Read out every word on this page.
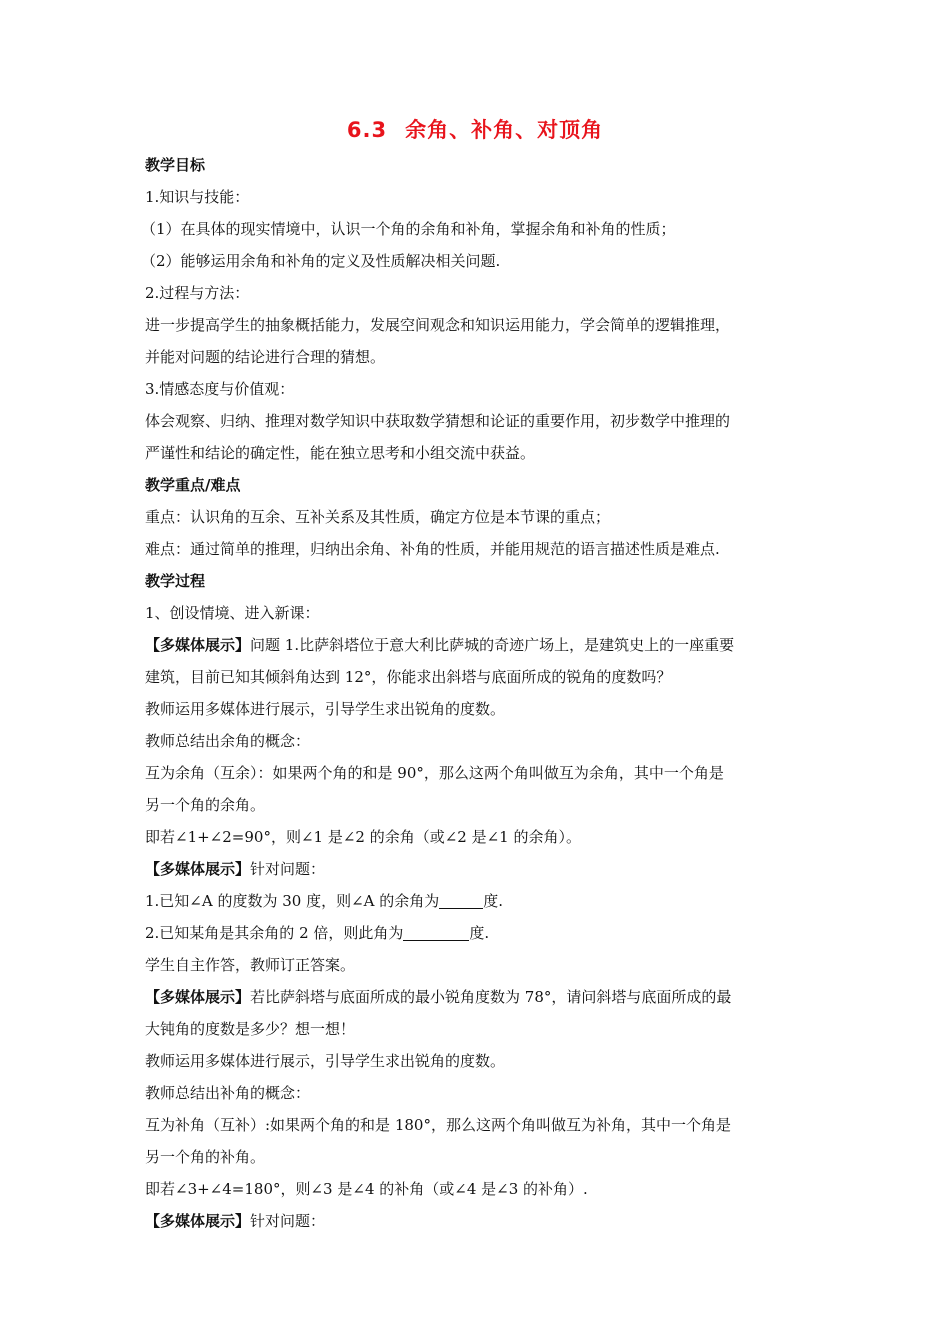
6.3 余角、补角、对顶角
教学目标
1.知识与技能：
（1）在具体的现实情境中，认识一个角的余角和补角，掌握余角和补角的性质；
（2）能够运用余角和补角的定义及性质解决相关问题.
2.过程与方法：
进一步提高学生的抽象概括能力，发展空间观念和知识运用能力，学会简单的逻辑推理，
并能对问题的结论进行合理的猜想。
3.情感态度与价值观：
体会观察、归纳、推理对数学知识中获取数学猜想和论证的重要作用，初步数学中推理的
严谨性和结论的确定性，能在独立思考和小组交流中获益。
教学重点/难点
重点：认识角的互余、互补关系及其性质，确定方位是本节课的重点；
难点：通过简单的推理，归纳出余角、补角的性质，并能用规范的语言描述性质是难点.
教学过程
1、创设情境、进入新课：
【多媒体展示】问题 1.比萨斜塔位于意大利比萨城的奇迹广场上，是建筑史上的一座重要
建筑，目前已知其倾斜角达到 12°，你能求出斜塔与底面所成的锐角的度数吗？
教师运用多媒体进行展示，引导学生求出锐角的度数。
教师总结出余角的概念：
互为余角（互余）：如果两个角的和是 90°，那么这两个角叫做互为余角，其中一个角是
另一个角的余角。
即若∠1+∠2=90°，则∠1 是∠2 的余角（或∠2 是∠1 的余角）。
【多媒体展示】针对问题：
1.已知∠A 的度数为 30 度，则∠A 的余角为	度.
2.已知某角是其余角的 2 倍，则此角为	度.
学生自主作答，教师订正答案。
【多媒体展示】若比萨斜塔与底面所成的最小锐角度数为 78°，请问斜塔与底面所成的最
大钝角的度数是多少？想一想！
教师运用多媒体进行展示，引导学生求出锐角的度数。
教师总结出补角的概念：
互为补角（互补）:如果两个角的和是 180°，那么这两个角叫做互为补角，其中一个角是
另一个角的补角。
即若∠3+∠4=180°，则∠3 是∠4 的补角（或∠4 是∠3 的补角）.
【多媒体展示】针对问题：
